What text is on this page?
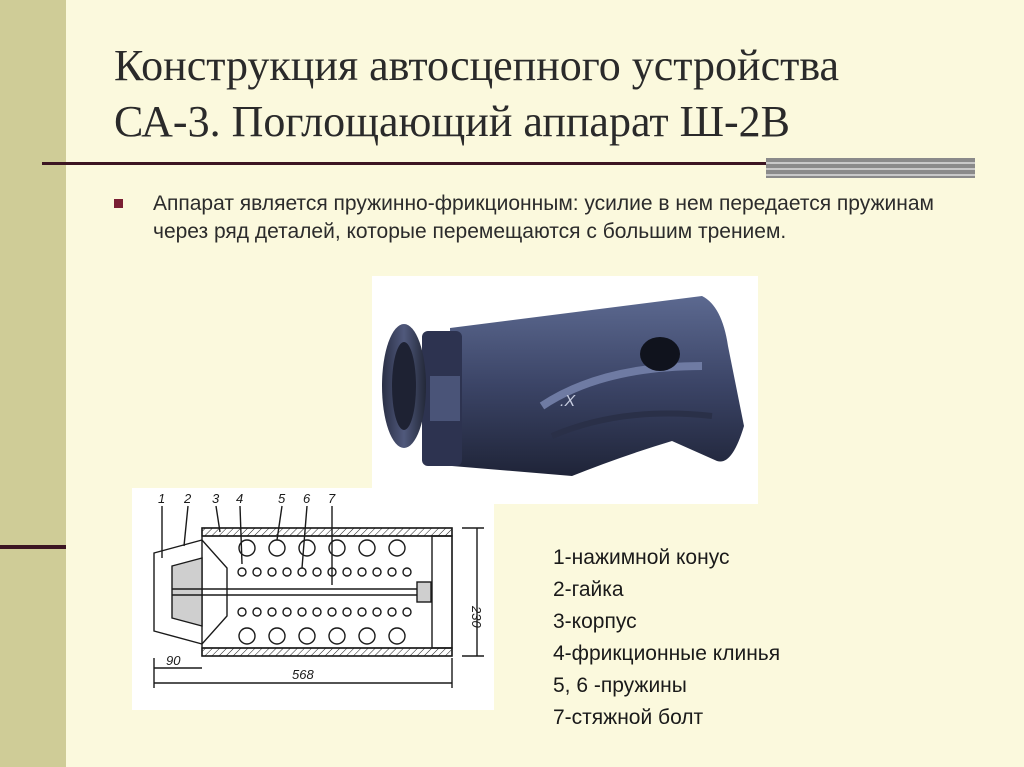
Конструкция автосцепного устройства
СА-3. Поглощающий аппарат Ш-2В
Аппарат является пружинно-фрикционным: усилие в нем передается пружинам через ряд деталей, которые перемещаются с большим трением.
.X
1 2 3 4	5 6 7
90
568
230
1-нажимной конус
2-гайка
3-корпус
4-фрикционные клинья
5, 6 -пружины
7-стяжной болт
